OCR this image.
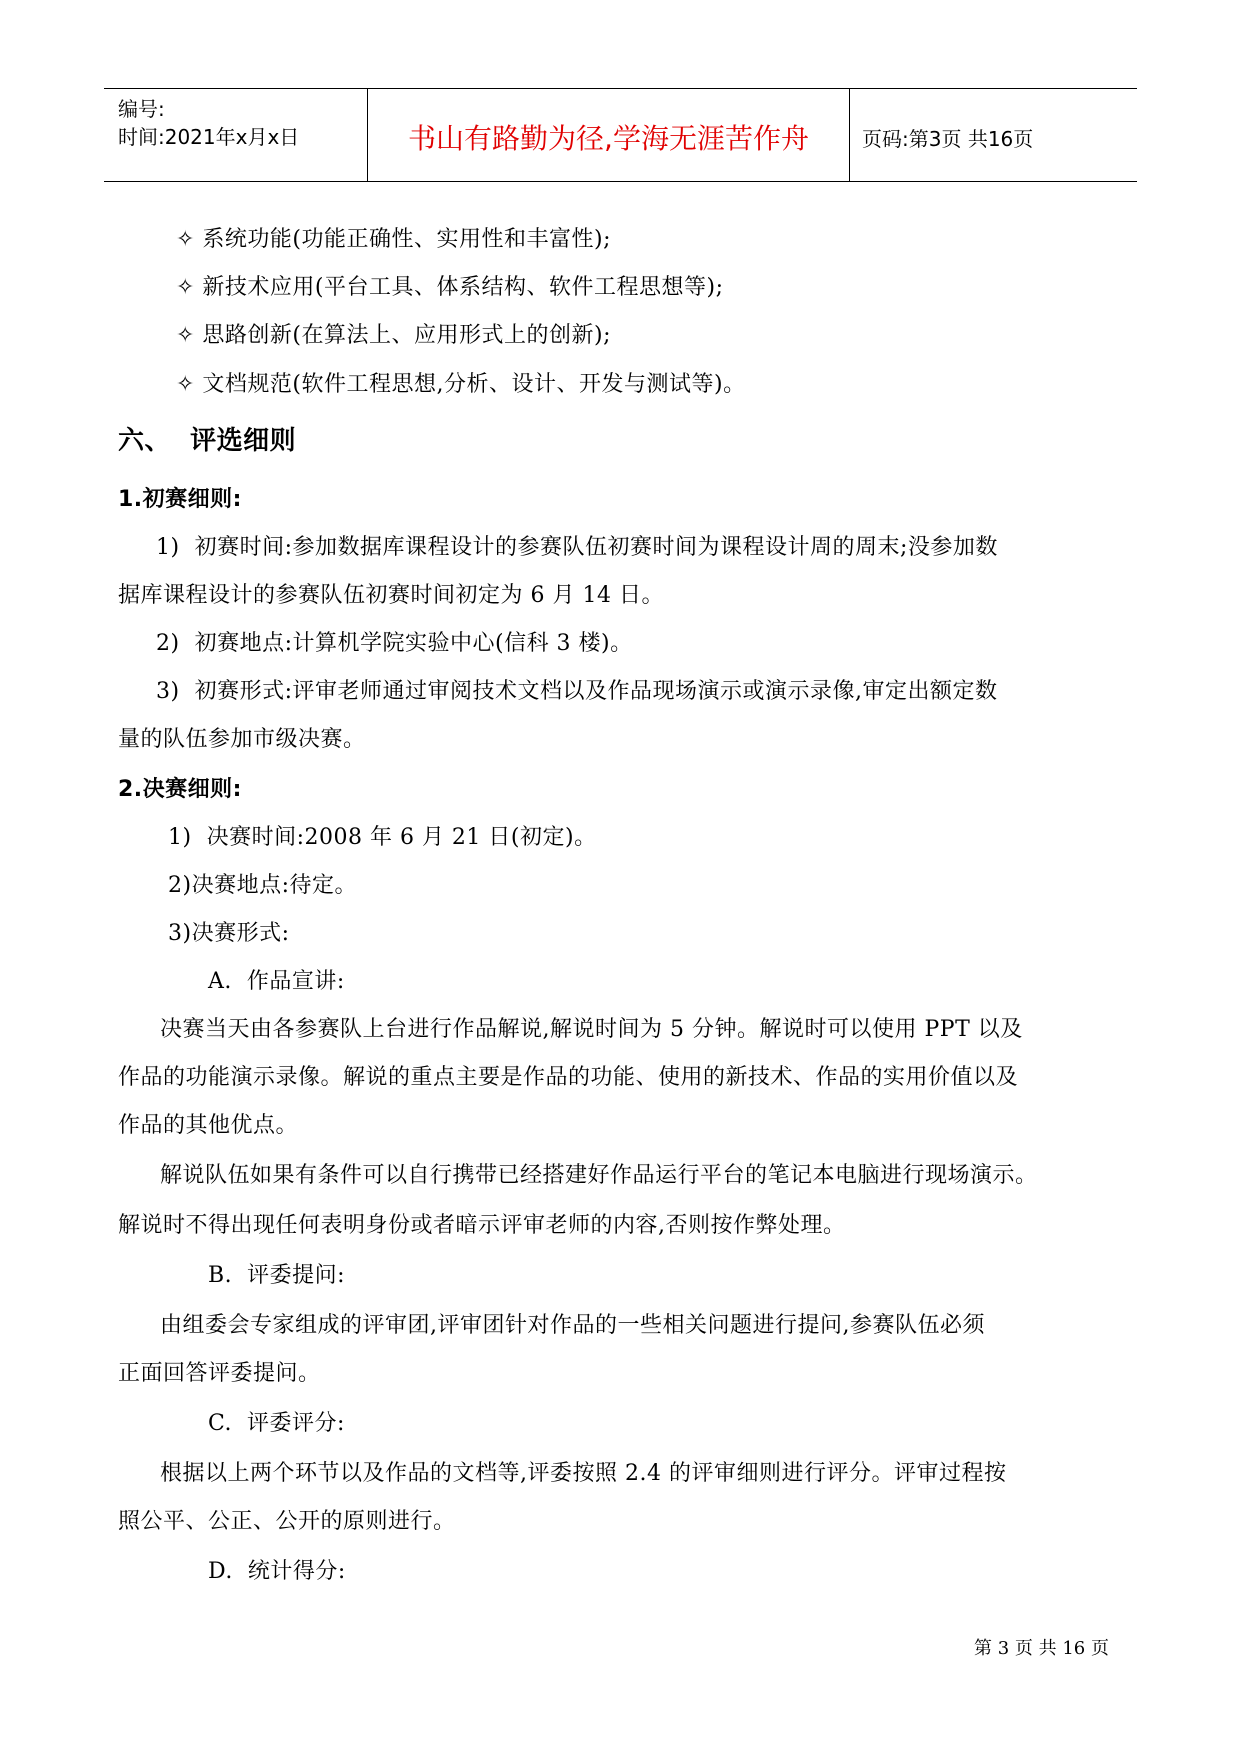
编号:
时间:2021年x月x日	书山有路勤为径,学海无涯苦作舟	页码:第3页 共16页
✧ 系统功能(功能正确性、实用性和丰富性);
✧ 新技术应用(平台工具、体系结构、软件工程思想等);
✧ 思路创新(在算法上、应用形式上的创新);
✧ 文档规范(软件工程思想,分析、设计、开发与测试等)。
六、  评选细则
1.初赛细则:
1)  初赛时间:参加数据库课程设计的参赛队伍初赛时间为课程设计周的周末;没参加数
据库课程设计的参赛队伍初赛时间初定为 6 月 14 日。
2)  初赛地点:计算机学院实验中心(信科 3 楼)。
3)  初赛形式:评审老师通过审阅技术文档以及作品现场演示或演示录像,审定出额定数
量的队伍参加市级决赛。
2.决赛细则:
1)  决赛时间:2008 年 6 月 21 日(初定)。
2)决赛地点:待定。
3)决赛形式:
A.  作品宣讲:
决赛当天由各参赛队上台进行作品解说,解说时间为 5 分钟。解说时可以使用 PPT 以及
作品的功能演示录像。解说的重点主要是作品的功能、使用的新技术、作品的实用价值以及
作品的其他优点。
解说队伍如果有条件可以自行携带已经搭建好作品运行平台的笔记本电脑进行现场演示。
解说时不得出现任何表明身份或者暗示评审老师的内容,否则按作弊处理。
B.  评委提问:
由组委会专家组成的评审团,评审团针对作品的一些相关问题进行提问,参赛队伍必须
正面回答评委提问。
C.  评委评分:
根据以上两个环节以及作品的文档等,评委按照 2.4 的评审细则进行评分。评审过程按
照公平、公正、公开的原则进行。
D.  统计得分:
第 3 页 共 16 页
